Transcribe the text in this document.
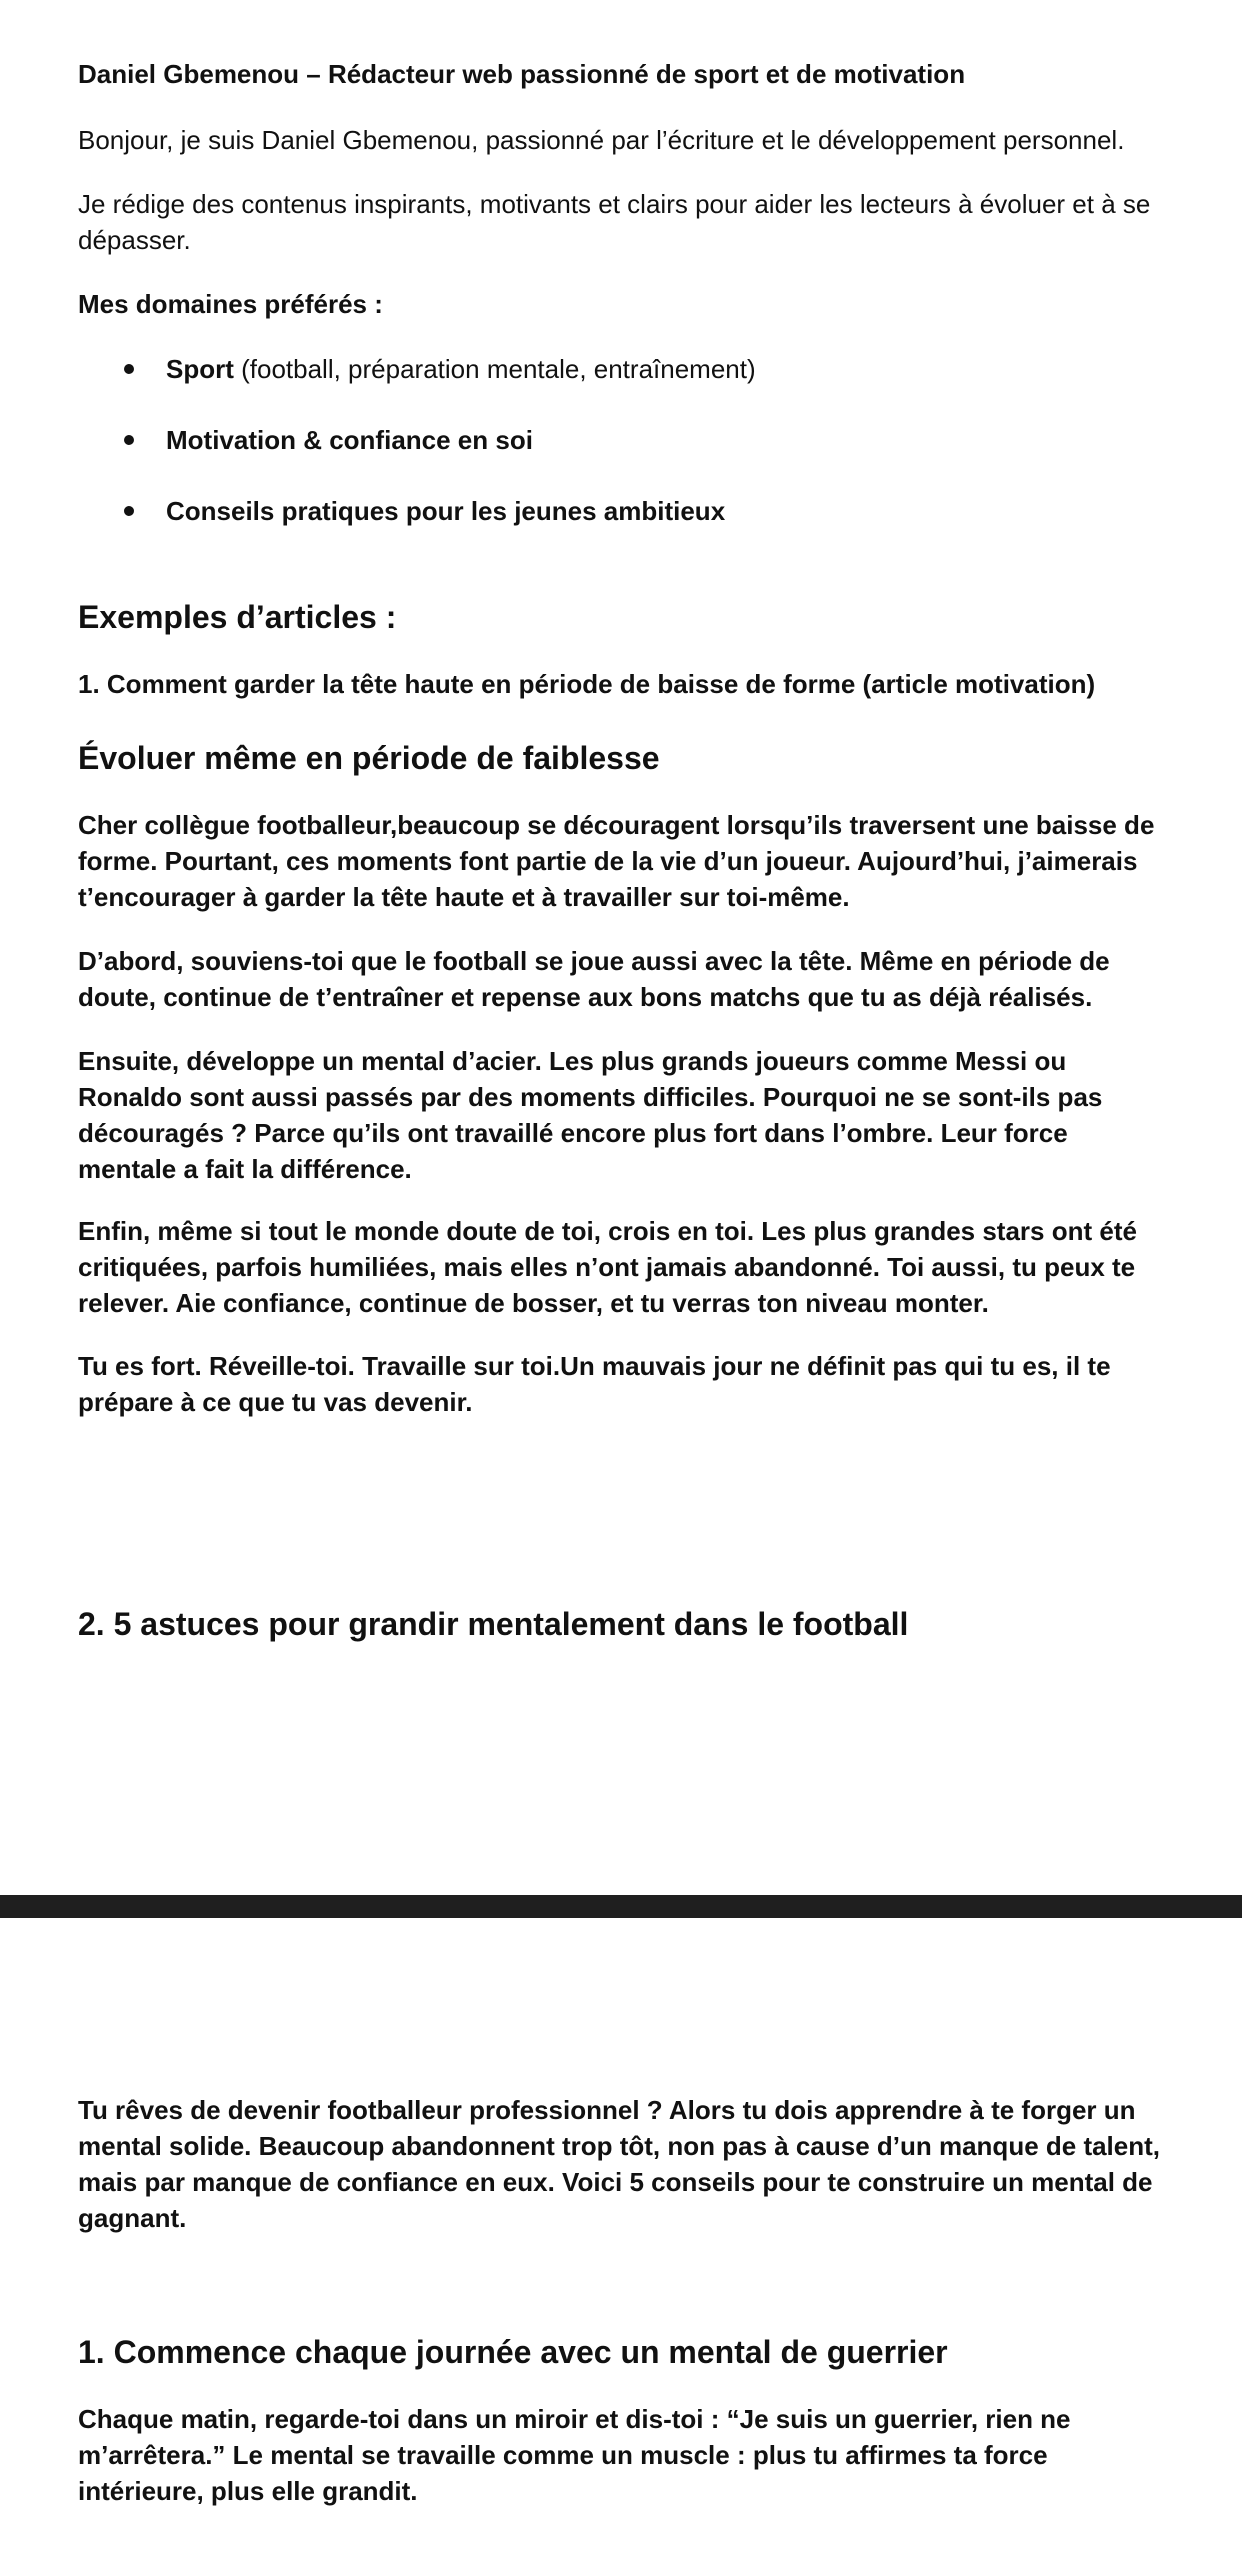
Daniel Gbemenou – Rédacteur web passionné de sport et de motivation

Bonjour, je suis Daniel Gbemenou, passionné par l’écriture et le développement personnel.

Je rédige des contenus inspirants, motivants et clairs pour aider les lecteurs à évoluer et à se dépasser.

Mes domaines préférés :

Sport (football, préparation mentale, entraînement)

Motivation & confiance en soi

Conseils pratiques pour les jeunes ambitieux

Exemples d’articles :

1. Comment garder la tête haute en période de baisse de forme (article motivation)

Évoluer même en période de faiblesse

Cher collègue footballeur,beaucoup se découragent lorsqu’ils traversent une baisse de forme. Pourtant, ces moments font partie de la vie d’un joueur. Aujourd’hui, j’aimerais t’encourager à garder la tête haute et à travailler sur toi-même.

D’abord, souviens-toi que le football se joue aussi avec la tête. Même en période de doute, continue de t’entraîner et repense aux bons matchs que tu as déjà réalisés.

Ensuite, développe un mental d’acier. Les plus grands joueurs comme Messi ou Ronaldo sont aussi passés par des moments difficiles. Pourquoi ne se sont-ils pas découragés ? Parce qu’ils ont travaillé encore plus fort dans l’ombre. Leur force mentale a fait la différence.

Enfin, même si tout le monde doute de toi, crois en toi. Les plus grandes stars ont été critiquées, parfois humiliées, mais elles n’ont jamais abandonné. Toi aussi, tu peux te relever. Aie confiance, continue de bosser, et tu verras ton niveau monter.

Tu es fort. Réveille-toi. Travaille sur toi.Un mauvais jour ne définit pas qui tu es, il te prépare à ce que tu vas devenir.

2. 5 astuces pour grandir mentalement dans le football

Tu rêves de devenir footballeur professionnel ? Alors tu dois apprendre à te forger un mental solide. Beaucoup abandonnent trop tôt, non pas à cause d’un manque de talent, mais par manque de confiance en eux. Voici 5 conseils pour te construire un mental de gagnant.

1. Commence chaque journée avec un mental de guerrier

Chaque matin, regarde-toi dans un miroir et dis-toi : “Je suis un guerrier, rien ne m’arrêtera.” Le mental se travaille comme un muscle : plus tu affirmes ta force intérieure, plus elle grandit.
